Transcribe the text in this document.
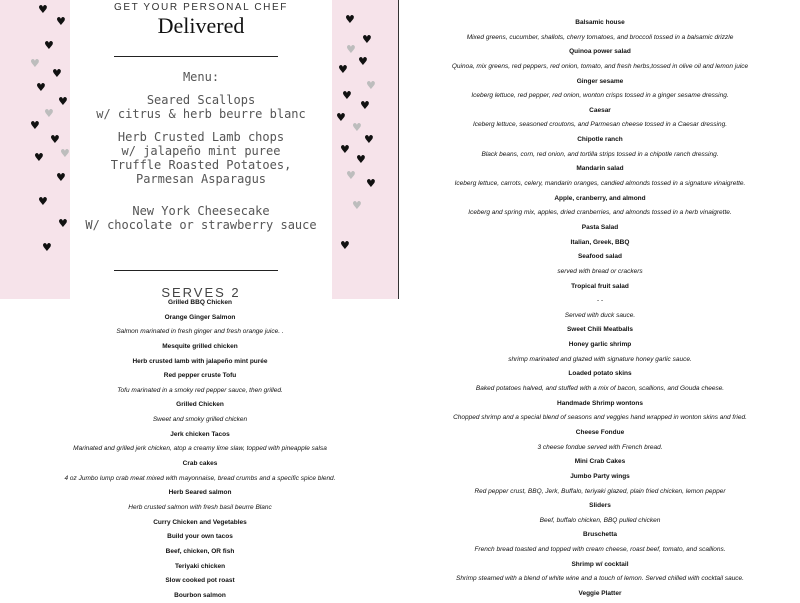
♥
♥
♥
♥
♥
♥
♥
♥
♥
♥
♥
♥
♥
♥
♥
♥
♥
♥
♥
♥
♥
♥
♥
♥
♥
♥
♥
♥
♥
♥
♥
♥
♥
GET YOUR PERSONAL CHEF
Delivered
Menu:
Seared Scallops
w/ citrus & herb beurre blanc
Herb Crusted Lamb chops
w/ jalapeño mint puree
Truffle Roasted Potatoes,
Parmesan Asparagus
New York Cheesecake
W/ chocolate or strawberry sauce
SERVES 2
Grilled BBQ Chicken
Orange Ginger Salmon
Salmon marinated in fresh ginger and fresh orange juice. .
Mesquite grilled chicken
Herb crusted lamb with jalapeño mint purée
Red pepper cruste Tofu
Tofu marinated in a smoky red pepper sauce, then grilled.
Grilled Chicken
Sweet and smoky grilled chicken
Jerk chicken Tacos
Marinated and grilled jerk chicken, atop a creamy lime slaw, topped with pineapple salsa
Crab cakes
4 oz Jumbo lump crab meat mixed with mayonnaise, bread crumbs and a specific spice blend.
Herb Seared salmon
Herb crusted salmon with fresh basil beurre Blanc
Curry Chicken and Vegetables
Build your own tacos
Beef, chicken, OR fish
Teriyaki chicken
Slow cooked pot roast
Bourbon salmon
Balsamic house
Mixed greens, cucumber, shallots, cherry tomatoes, and broccoli tossed in a balsamic drizzle
Quinoa power salad
Quinoa, mix greens, red peppers, red onion, tomato, and fresh herbs,tossed in olive oil and lemon juice
Ginger sesame
Iceberg lettuce, red pepper, red onion, wonton crisps tossed in a ginger sesame dressing.
Caesar
Iceberg lettuce, seasoned croutons, and Parmesan cheese tossed in a Caesar dressing.
Chipotle ranch
Black beans, corn, red onion, and tortilla strips tossed in a chipotle ranch dressing.
Mandarin salad
Iceberg lettuce, carrots, celery, mandarin oranges, candied almonds tossed in a signature vinaigrette.
Apple, cranberry, and almond
Iceberg and spring mix, apples, dried cranberries, and almonds tossed in a herb vinaigrette.
Pasta Salad
Italian, Greek, BBQ
Seafood salad
served with bread or crackers
Tropical fruit salad
- -
Served with duck sauce.
Sweet Chili Meatballs
Honey garlic shrimp
shrimp marinated and glazed with signature honey garlic sauce.
Loaded potato skins
Baked potatoes halved, and stuffed with a mix of bacon, scallions, and Gouda cheese.
Handmade Shrimp wontons
Chopped shrimp and a special blend of seasons and veggies hand wrapped in wonton skins and fried.
Cheese Fondue
3 cheese fondue served with French bread.
Mini Crab Cakes
Jumbo Party wings
Red pepper crust, BBQ, Jerk, Buffalo, teriyaki glazed, plain fried chicken, lemon pepper
Sliders
Beef, buffalo chicken, BBQ pulled chicken
Bruschetta
French bread toasted and topped with cream cheese, roast beef, tomato, and scallions.
Shrimp w/ cocktail
Shrimp steamed with a blend of white wine and a touch of lemon. Served chilled with cocktail sauce.
Veggie Platter
